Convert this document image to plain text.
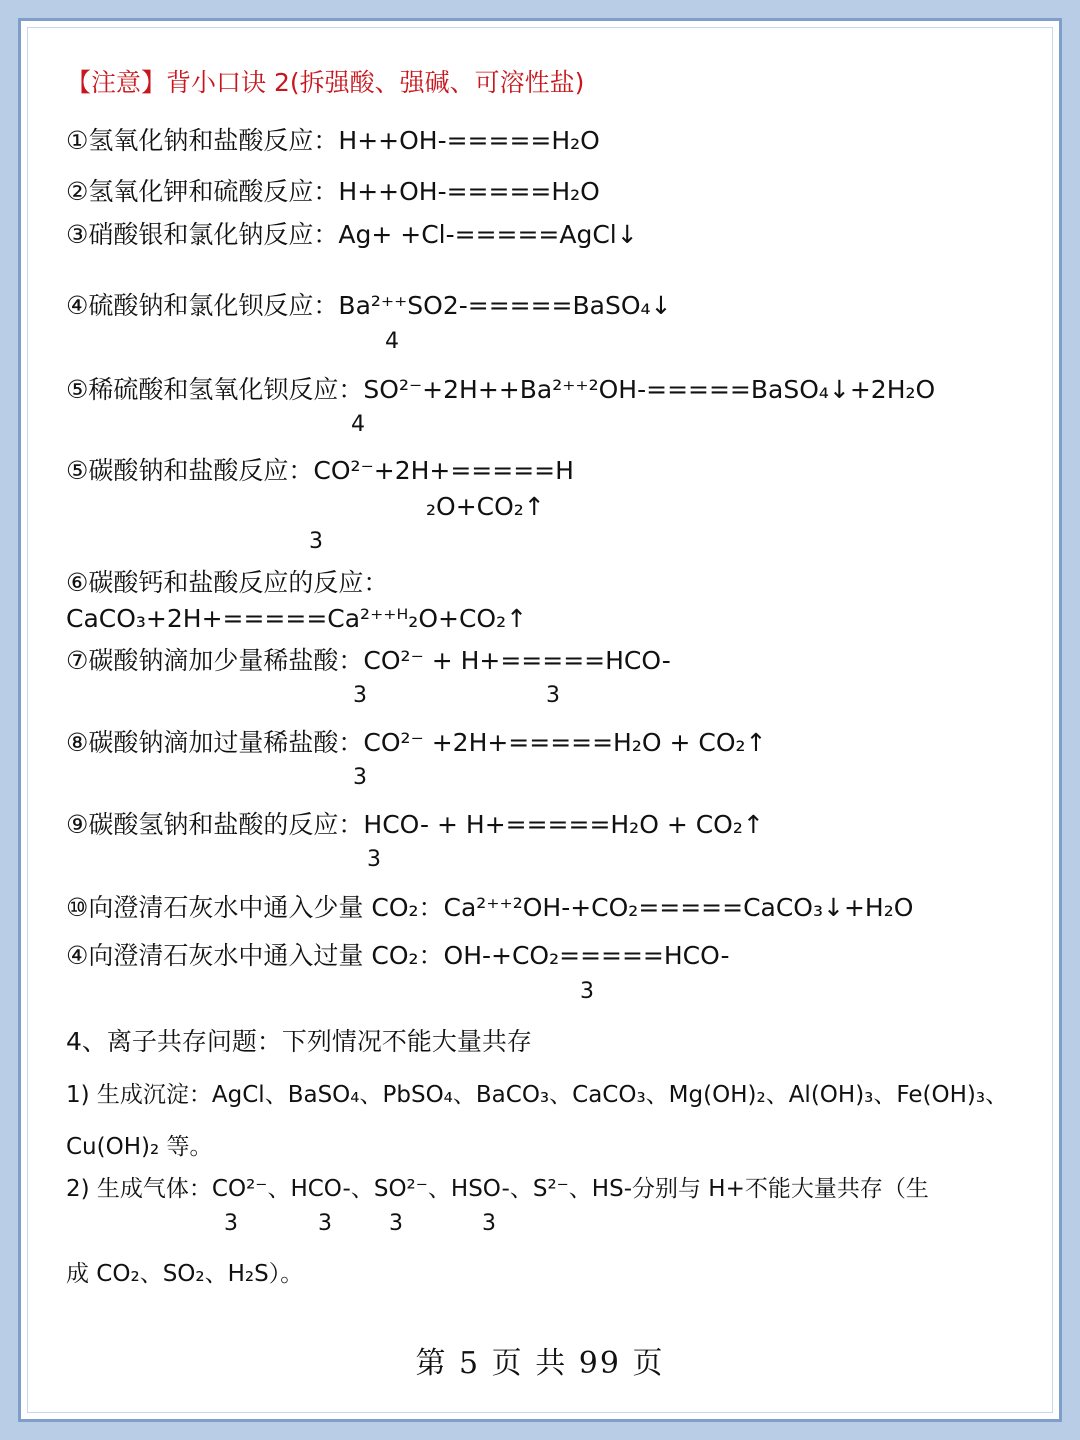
【注意】背小口诀 2(拆强酸、强碱、可溶性盐)
①氢氧化钠和盐酸反应：H++OH-=====H₂O
②氢氧化钾和硫酸反应：H++OH-=====H₂O
③硝酸银和氯化钠反应：Ag+ +Cl-=====AgCl↓
④硫酸钠和氯化钡反应：Ba²⁺⁺SO2-=====BaSO₄↓
4
⑤稀硫酸和氢氧化钡反应：SO²⁻+2H++Ba²⁺⁺²OH-=====BaSO₄↓+2H₂O
4
⑤碳酸钠和盐酸反应：CO²⁻+2H+=====H
₂O+CO₂↑
3
⑥碳酸钙和盐酸反应的反应：
CaCO₃+2H+=====Ca²⁺⁺ᴴ₂O+CO₂↑
⑦碳酸钠滴加少量稀盐酸：CO²⁻ + H+=====HCO-
3	3
⑧碳酸钠滴加过量稀盐酸：CO²⁻ +2H+=====H₂O + CO₂↑
3
⑨碳酸氢钠和盐酸的反应：HCO- + H+=====H₂O + CO₂↑
3
⑩向澄清石灰水中通入少量 CO₂：Ca²⁺⁺²OH-+CO₂=====CaCO₃↓+H₂O
④向澄清石灰水中通入过量 CO₂：OH-+CO₂=====HCO-
3
4、离子共存问题：下列情况不能大量共存
1) 生成沉淀：AgCl、BaSO₄、PbSO₄、BaCO₃、CaCO₃、Mg(OH)₂、Al(OH)₃、Fe(OH)₃、
Cu(OH)₂ 等。
2) 生成气体：CO²⁻、HCO-、SO²⁻、HSO-、S²⁻、HS-分别与 H+不能大量共存（生
3	3	3	3
成 CO₂、SO₂、H₂S）。
第 5 页 共 99 页
